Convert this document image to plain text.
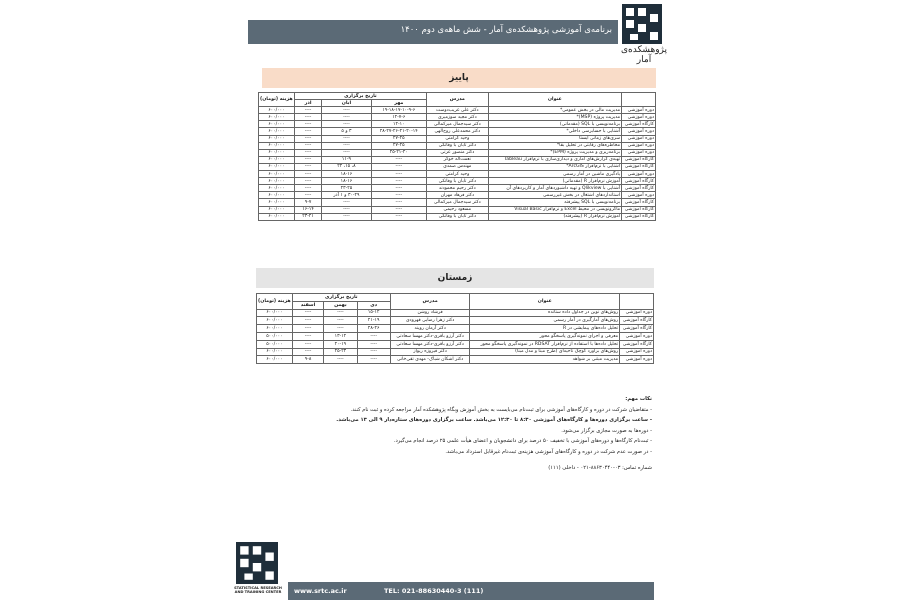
پژوهشکده‌ی آمار
برنامه‌ی آموزشی پژوهشکده‌ی آمار - شش ماهه‌ی دوم ۱۴۰۰
پاییز
	عنوان	مدرس	تاریخ برگزاری			هزینه (تومان)
			مهر	آبان	آذر	
دوره آموزشی	مدیریت مالی در بخش عمومی*	دکتر علی غریب‌دوست	۱۹-۱۸-۱۷-۱۰-۹-۶	----	----	۶۰۰/۰۰۰
دوره آموزشی	مدیریت پروژه (MSP)*	دکتر مجید سوزمیری	۱۲-۷-۶	----	----	۶۰۰/۰۰۰
کارگاه آموزشی	برنامه‌نویسی با SQL (مقدماتی)	دکتر سیدجمال میرکمالی	۱۲-۱۰	----	----	۶۰۰/۰۰۰
دوره آموزشی	آشنایی با حسابرسی داخلی*	دکتر محمدعلی روح‌الهی	۲۸-۲۷-۲۶-۲۱-۲۰-۱۴	۳ و ۵	----	۶۰۰/۰۰۰
دوره آموزشی	سری‌های زمانی ایستا	وحید کرامتی	۲۷-۲۵	----	----	۶۰۰/۰۰۰
دوره آموزشی	مخاطره‌های رقابتی در تحلیل بقا*	دکتر تابان با وفاتکی	۲۷-۲۵	----	----	۶۰۰/۰۰۰
دوره آموزشی	برنامه‌ریزی و مدیریت پروژه (EPM)*	دکتر منصور عزتی	۲۵-۲۱-۲۰	----	----	۶۰۰/۰۰۰
کارگاه آموزشی	تهیه‌ی گزارش‌های آماری و دیداری‌سازی با نرم‌افزار Tableau	نعمت‌اله خوگر	----	۱۱-۹	----	۶۰۰/۰۰۰
کارگاه آموزشی	آشنایی با نرم‌افزار ArcGIS*	مهندس صمدی	----	۸، ۱۵، ۲۲	----	۶۰۰/۰۰۰
دوره آموزشی	یادگیری ماشین در آمار رسمی	وحید کرامتی	----	۱۸-۱۶	----	۶۰۰/۰۰۰
کارگاه آموزشی	آموزش نرم‌افزار R (مقدماتی)	دکتر تابان با وفاتکی	----	۱۸-۱۶	----	۶۰۰/۰۰۰
کارگاه آموزشی	آشنایی با Qlikview و تهیه داشبوردهای آمار و کاربردهای آن	دکتر رحیم محمودند	----	۲۳-۲۵	----	۶۰۰/۰۰۰
دوره آموزشی	استانداردهای اشتغال در بخش غیررسمی	دکتر فرهاد مهران	----	۳۰-۲۹ و ۱ آذر	----	۶۰۰/۰۰۰
کارگاه آموزشی	برنامه‌نویسی با SQL پیشرفته	دکتر سیدجمال میرکمالی	----	----	۹-۷	۶۰۰/۰۰۰
کارگاه آموزشی	ماکرونویسی در محیط Excel و نرم‌افزار Visual Basic	مسعود رحیمی	----	----	۱۶-۱۴	۶۰۰/۰۰۰
کارگاه آموزشی	آموزش نرم‌افزار R (پیشرفته)	دکتر تابان با وفاتکی	----	----	۲۳-۲۱	۶۰۰/۰۰۰
زمستان
	عنوان	مدرس	تاریخ برگزاری			هزینه (تومان)
			دی	بهمن	اسفند	
دوره آموزشی	روش‌های نوین در جداول داده ستانده	فرشاد روشن	۱۵-۱۲	----	----	۶۰۰/۰۰۰
کارگاه آموزشی	روش‌های آمارگیری در آمار رسمی	دکتر زهرا رضایی قهرودی	۲۱-۱۹	----	----	۶۰۰/۰۰۰
کارگاه آموزشی	تحلیل داده‌های پیمایشی در R	دکتر آرمان رویند	۲۸-۲۶	----	----	۶۰۰/۰۰۰
دوره آموزشی	معرفی و اجرای نمونه‌گیری پاسخگو محور	دکتر آرزو باقری-دکتر مهسا سعادتی	----	۱۳-۱۲	----	۵۰۰/۰۰۰
کارگاه آموزشی	تحلیل داده‌ها با استفاده از نرم‌افزار RDSAT در نمونه‌گیری پاسخگو محور	دکتر آرزو باقری-دکتر مهسا سعادتی	----	۲۰-۱۹	----	۵۰۰/۰۰۰
دوره آموزشی	روش‌های برآورد کوچک ناحیه‌ای (طرح مبنا و مدل مبنا)	دکتر فیروزه ریواز	----	۲۵-۲۳	----	۶۰۰/۰۰۰
دوره آموزشی	مدیریت مبتنی بر شواهد	دکتر اشکان شباک- مهدی تقی‌خانی	----	----	۹-۸	۶۰۰/۰۰۰
نکات مهم:
- متقاضیان شرکت در دوره و کارگاه‌های آموزشی برای ثبت‌نام می‌بایست به بخش آموزش وبگاه پژوهشکده آمار مراجعه کرده و ثبت نام کنند.
- ساعت برگزاری دوره‌ها و کارگاه‌های آموزشی ۸:۳۰ تا ۱۲:۳۰ می‌باشد. ساعت برگزاری دوره‌های ستاره‌دار ۹ الی ۱۳ می‌باشد.
- دوره‌ها به صورت مجازی برگزار می‌شود.
- ثبت‌نام کارگاه‌ها و دوره‌های آموزشی با تخفیف ۵۰ درصد برای دانشجویان و اعضای هیأت علمی ۲۵ درصد انجام می‌گیرد.
- در صورت عدم شرکت در دوره و کارگاه‌های آموزشی هزینه‌ی ثبت‌نام غیرقابل استرداد می‌باشد.
شماره تماس: ۰۳-۸۸۶۳۰۴۴۰-۰۲۱ - داخلی (۱۱۱)
STATISTICAL RESEARCH AND TRAINING CENTER	www.srtc.ac.ir	TEL: 021-88630440-3 (111)
